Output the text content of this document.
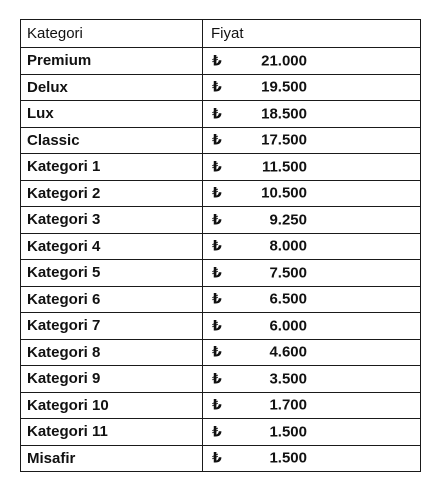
Kategori	Fiyat
Premium	₺ 21.000

Delux	₺ 19.500

Lux	₺ 18.500

Classic	₺ 17.500

Kategori 1	₺ 11.500

Kategori 2	₺ 10.500

Kategori 3	₺ 9.250

Kategori 4	₺ 8.000

Kategori 5	₺ 7.500

Kategori 6	₺ 6.500

Kategori 7	₺ 6.000

Kategori 8	₺ 4.600

Kategori 9	₺ 3.500

Kategori 10	₺ 1.700

Kategori 11	₺ 1.500

Misafir	₺ 1.500
